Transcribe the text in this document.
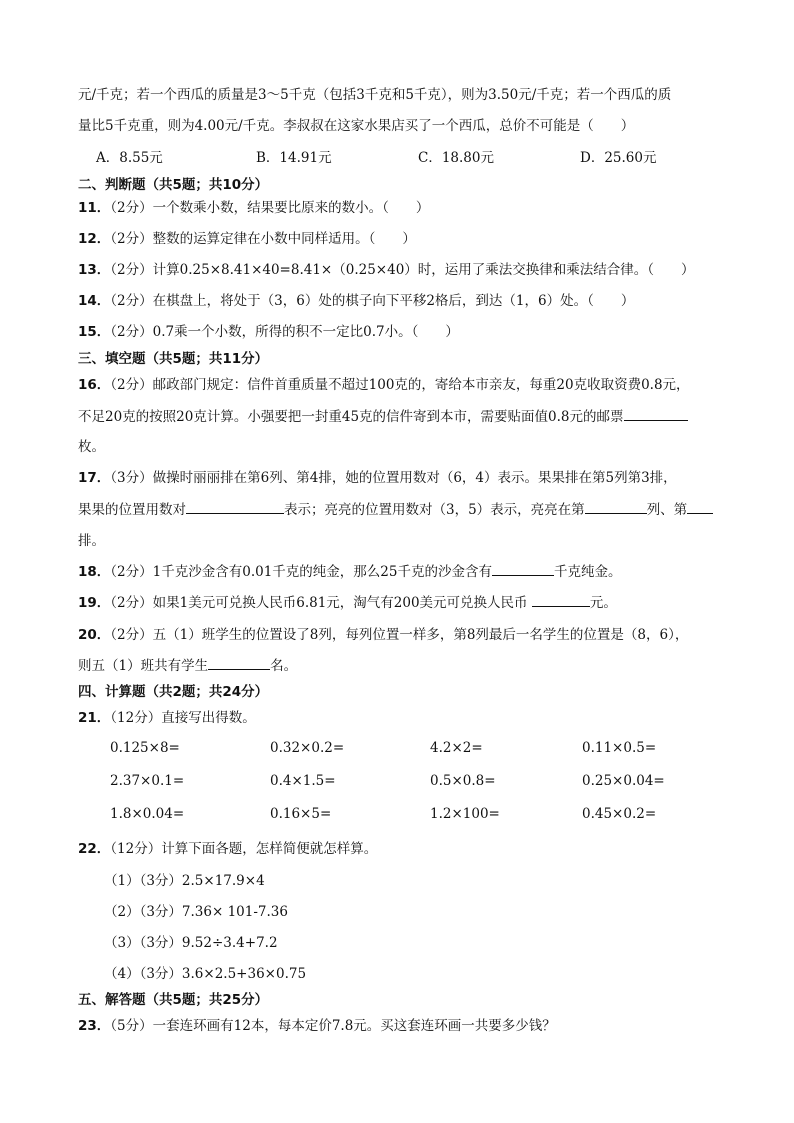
元/千克；若一个西瓜的质量是3～5千克（包括3千克和5千克），则为3.50元/千克；若一个西瓜的质
量比5千克重，则为4.00元/千克。李叔叔在这家水果店买了一个西瓜，总价不可能是（　　）
A．8.55元	B．14.91元	C．18.80元	D．25.60元
二、判断题（共5题；共10分）
11．（2分）一个数乘小数，结果要比原来的数小。（　　）
12．（2分）整数的运算定律在小数中同样适用。（　　）
13．（2分）计算0.25×8.41×40=8.41×（0.25×40）时，运用了乘法交换律和乘法结合律。（　　）
14．（2分）在棋盘上，将处于（3，6）处的棋子向下平移2格后，到达（1，6）处。（　　）
15．（2分）0.7乘一个小数，所得的积不一定比0.7小。（　　）
三、填空题（共5题；共11分）
16．（2分）邮政部门规定：信件首重质量不超过100克的，寄给本市亲友，每重20克收取资费0.8元，
不足20克的按照20克计算。小强要把一封重45克的信件寄到本市，需要贴面值0.8元的邮票
枚。
17．（3分）做操时丽丽排在第6列、第4排，她的位置用数对（6，4）表示。果果排在第5列第3排，
果果的位置用数对	表示；亮亮的位置用数对（3，5）表示，亮亮在第	列、第
排。
18．（2分）1千克沙金含有0.01千克的纯金，那么25千克的沙金含有	千克纯金。
19．（2分）如果1美元可兑换人民币6.81元，淘气有200美元可兑换人民币	元。
20．（2分）五（1）班学生的位置设了8列，每列位置一样多，第8列最后一名学生的位置是（8，6），
则五（1）班共有学生	名。
四、计算题（共2题；共24分）
21．（12分）直接写出得数。
0.125×8=	0.32×0.2=	4.2×2=	0.11×0.5=
2.37×0.1=	0.4×1.5=	0.5×0.8=	0.25×0.04=
1.8×0.04=	0.16×5=	1.2×100=	0.45×0.2=
22．（12分）计算下面各题，怎样简便就怎样算。
（1）（3分）2.5×17.9×4
（2）（3分）7.36× 101-7.36
（3）（3分）9.52÷3.4+7.2
（4）（3分）3.6×2.5+36×0.75
五、解答题（共5题；共25分）
23．（5分）一套连环画有12本，每本定价7.8元。买这套连环画一共要多少钱？
